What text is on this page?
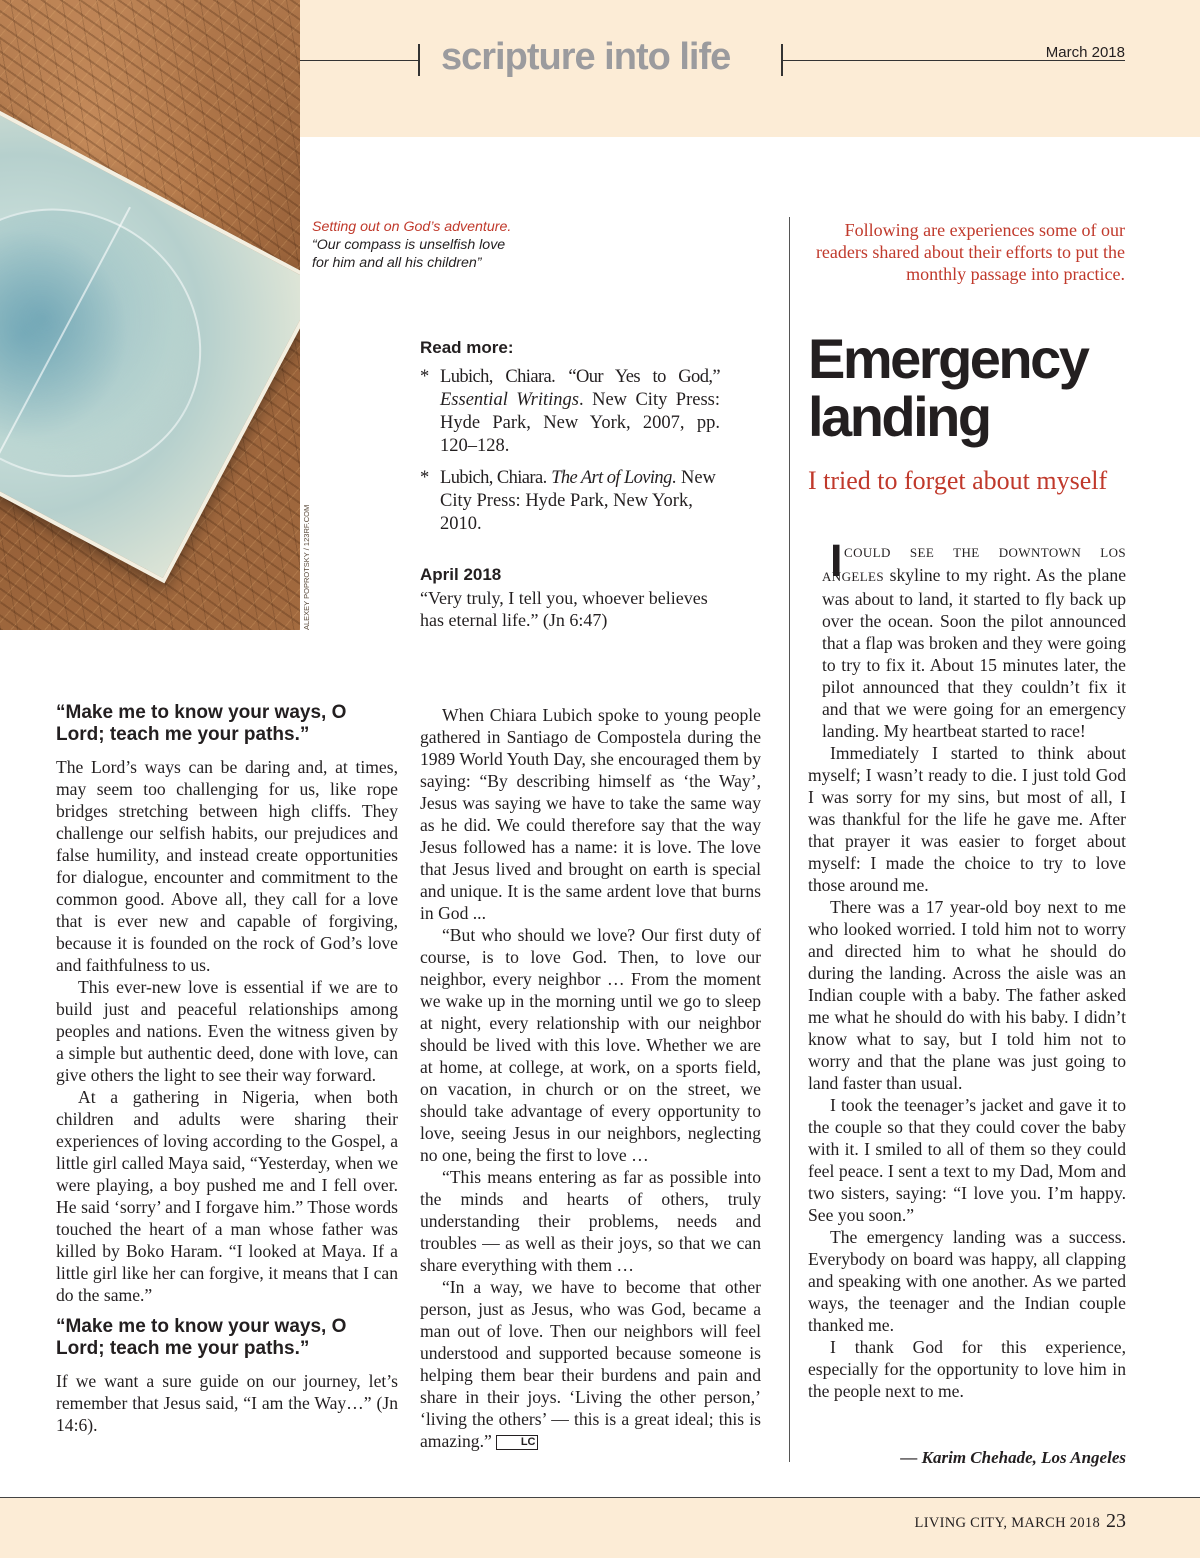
ALEXEY POPROTSKY / 123RF.COM
scripture into life	March 2018
Setting out on God’s adventure. “Our compass is unselfish love for him and all his children”
Following are experiences some of our readers shared about their efforts to put the monthly passage into practice.
Read more:
* Lubich, Chiara. “Our Yes to God,” Essential Writings. New City Press: Hyde Park, New York, 2007, pp. 120–128.
* Lubich, Chiara. The Art of Loving. New City Press: Hyde Park, New York, 2010.
April 2018

“Very truly, I tell you, whoever believes has eternal life.” (Jn 6:47)

Emergency landing
I tried to forget about myself
“Make me to know your ways, O Lord; teach me your paths.”

The Lord’s ways can be daring and, at times, may seem too challenging for us, like rope bridges stretching between high cliffs. They challenge our selfish habits, our prejudices and false humility, and instead create opportunities for dialogue, encounter and commitment to the common good. Above all, they call for a love that is ever new and capable of forgiving, because it is founded on the rock of God’s love and faithfulness to us.

This ever-new love is essential if we are to build just and peaceful relationships among peoples and nations. Even the witness given by a simple but authentic deed, done with love, can give others the light to see their way forward.

At a gathering in Nigeria, when both children and adults were sharing their experiences of loving according to the Gospel, a little girl called Maya said, “Yesterday, when we were playing, a boy pushed me and I fell over. He said ‘sorry’ and I forgave him.” Those words touched the heart of a man whose father was killed by Boko Haram. “I looked at Maya. If a little girl like her can forgive, it means that I can do the same.”

“Make me to know your ways, O Lord; teach me your paths.”

If we want a sure guide on our journey, let’s remember that Jesus said, “I am the Way…” (Jn 14:6).

When Chiara Lubich spoke to young people gathered in Santiago de Compostela during the 1989 World Youth Day, she encouraged them by saying: “By describing himself as ‘the Way’, Jesus was saying we have to take the same way as he did. We could therefore say that the way Jesus followed has a name: it is love. The love that Jesus lived and brought on earth is special and unique. It is the same ardent love that burns in God ...

“But who should we love? Our first duty of course, is to love God. Then, to love our neighbor, every neighbor … From the moment we wake up in the morning until we go to sleep at night, every relationship with our neighbor should be lived with this love. Whether we are at home, at college, at work, on a sports field, on vacation, in church or on the street, we should take advantage of every opportunity to love, seeing Jesus in our neighbors, neglecting no one, being the first to love …

“This means entering as far as possible into the minds and hearts of others, truly understanding their problems, needs and troubles — as well as their joys, so that we can share everything with them …

“In a way, we have to become that other person, just as Jesus, who was God, became a man out of love. Then our neighbors will feel understood and supported because someone is helping them bear their burdens and pain and share in their joys. ‘Living the other person,’ ‘living the others’ — this is a great ideal; this is amazing.”	LC

I COULD SEE THE DOWNTOWN LOS ANGELES skyline to my right. As the plane was about to land, it started to fly back up over the ocean. Soon the pilot announced that a flap was broken and they were going to try to fix it. About 15 minutes later, the pilot announced that they couldn’t fix it and that we were going for an emergency landing. My heartbeat started to race!

Immediately I started to think about myself; I wasn’t ready to die. I just told God I was sorry for my sins, but most of all, I was thankful for the life he gave me. After that prayer it was easier to forget about myself: I made the choice to try to love those around me.

There was a 17 year-old boy next to me who looked worried. I told him not to worry and directed him to what he should do during the landing. Across the aisle was an Indian couple with a baby. The father asked me what he should do with his baby. I didn’t know what to say, but I told him not to worry and that the plane was just going to land faster than usual.

I took the teenager’s jacket and gave it to the couple so that they could cover the baby with it. I smiled to all of them so they could feel peace. I sent a text to my Dad, Mom and two sisters, saying: “I love you. I’m happy. See you soon.”

The emergency landing was a success. Everybody on board was happy, all clapping and speaking with one another. As we parted ways, the teenager and the Indian couple thanked me.

I thank God for this experience, especially for the opportunity to love him in the people next to me.

— Karim Chehade, Los Angeles
LIVING CITY, MARCH 2018 23
